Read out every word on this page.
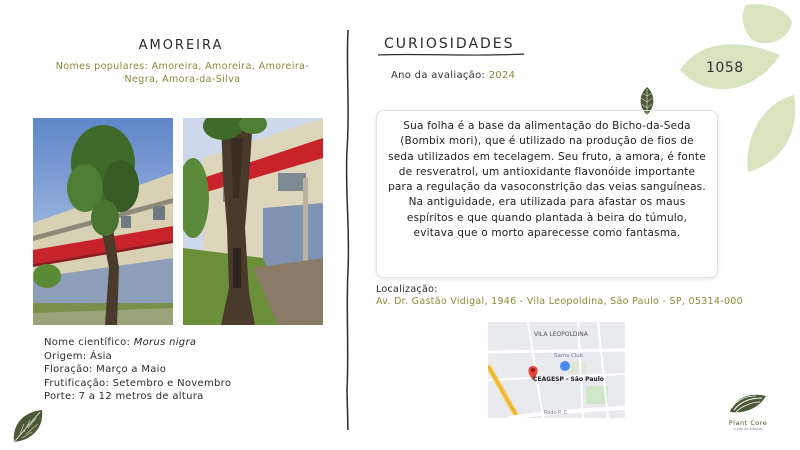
AMOREIRA
Nomes populares: Amoreira, Amoreira, Amoreira-Negra, Amora-da-Silva
Nome científico: Morus nigra
Origem: Ásia
Floração: Março a Maio
Frutificação: Setembro e Novembro
Porte: 7 a 12 metros de altura
CURIOSIDADES
Ano da avaliação: 2024
Sua folha é a base da alimentação do Bicho-da-Seda (Bombix mori), que é utilizado na produção de fios de seda utilizados em tecelagem. Seu fruto, a amora, é fonte de resveratrol, um antioxidante flavonóide importante para a regulação da vasoconstrição das veias sanguíneas. Na antiguidade, era utilizada para afastar os maus espíritos e que quando plantada à beira do túmulo, evitava que o morto aparecesse como fantasma.
Localização:
Av. Dr. Gastão Vidigal, 1946 - Vila Leopoldina, São Paulo - SP, 05314-000
VILA LEOPOLDINA
Sams Club
CEAGESP - São Paulo
Rodo P. C.
1058
Plant Core
cuide de plantas
